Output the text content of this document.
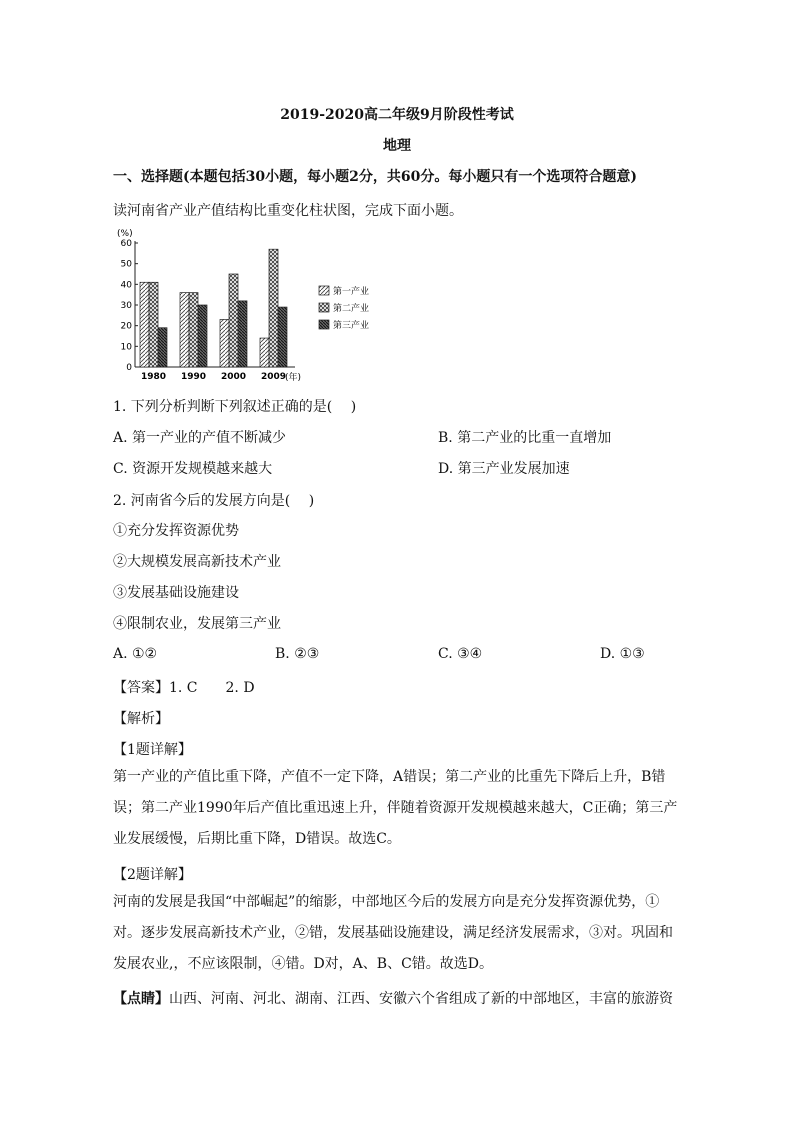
2019-2020高二年级9月阶段性考试
地理
一、选择题(本题包括30小题，每小题2分，共60分。每小题只有一个选项符合题意)
读河南省产业产值结构比重变化柱状图，完成下面小题。
(%)
(年)
0
10
20
30
40
50
60
1980 1990 2000 2009
第一产业
第二产业
第三产业
1. 下列分析判断下列叙述正确的是(　 )
A. 第一产业的产值不断减少	B. 第二产业的比重一直增加
C. 资源开发规模越来越大	D. 第三产业发展加速
2. 河南省今后的发展方向是(　 )
①充分发挥资源优势
②大规模发展高新技术产业
③发展基础设施建设
④限制农业，发展第三产业
A. ①②	B. ②③	C. ③④	D. ①③
【答案】1. C　　2. D
【解析】
【1题详解】
第一产业的产值比重下降，产值不一定下降，A错误；第二产业的比重先下降后上升，B错误；第二产业1990年后产值比重迅速上升，伴随着资源开发规模越来越大，C正确；第三产业发展缓慢，后期比重下降，D错误。故选C。
【2题详解】
河南的发展是我国“中部崛起”的缩影，中部地区今后的发展方向是充分发挥资源优势，①对。逐步发展高新技术产业，②错，发展基础设施建设，满足经济发展需求，③对。巩固和发展农业,，不应该限制，④错。D对，A、B、C错。故选D。
【点睛】山西、河南、河北、湖南、江西、安徽六个省组成了新的中部地区，丰富的旅游资
